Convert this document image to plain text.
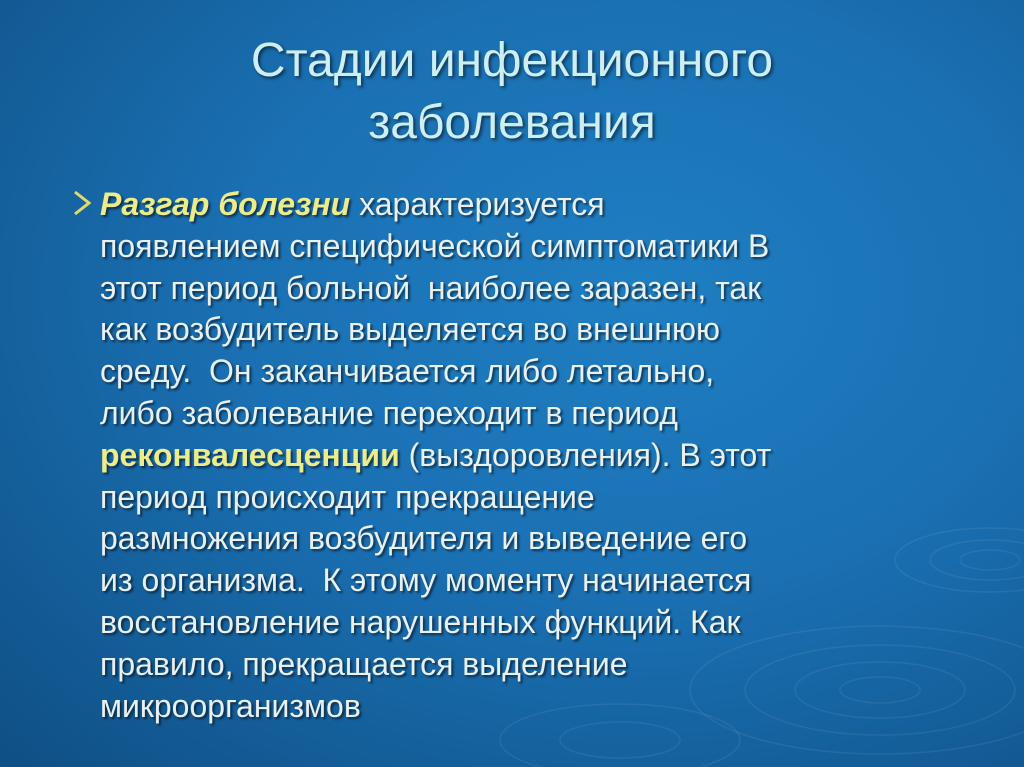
Стадии инфекционного
заболевания
Разгар болезни характеризуется
появлением специфической симптоматики В
этот период больной  наиболее заразен, так
как возбудитель выделяется во внешнюю
среду.  Он заканчивается либо летально,
либо заболевание переходит в период
реконвалесценции (выздоровления). В этот
период происходит прекращение
размножения возбудителя и выведение его
из организма.  К этому моменту начинается
восстановление нарушенных функций. Как
правило, прекращается выделение
микроорганизмов
